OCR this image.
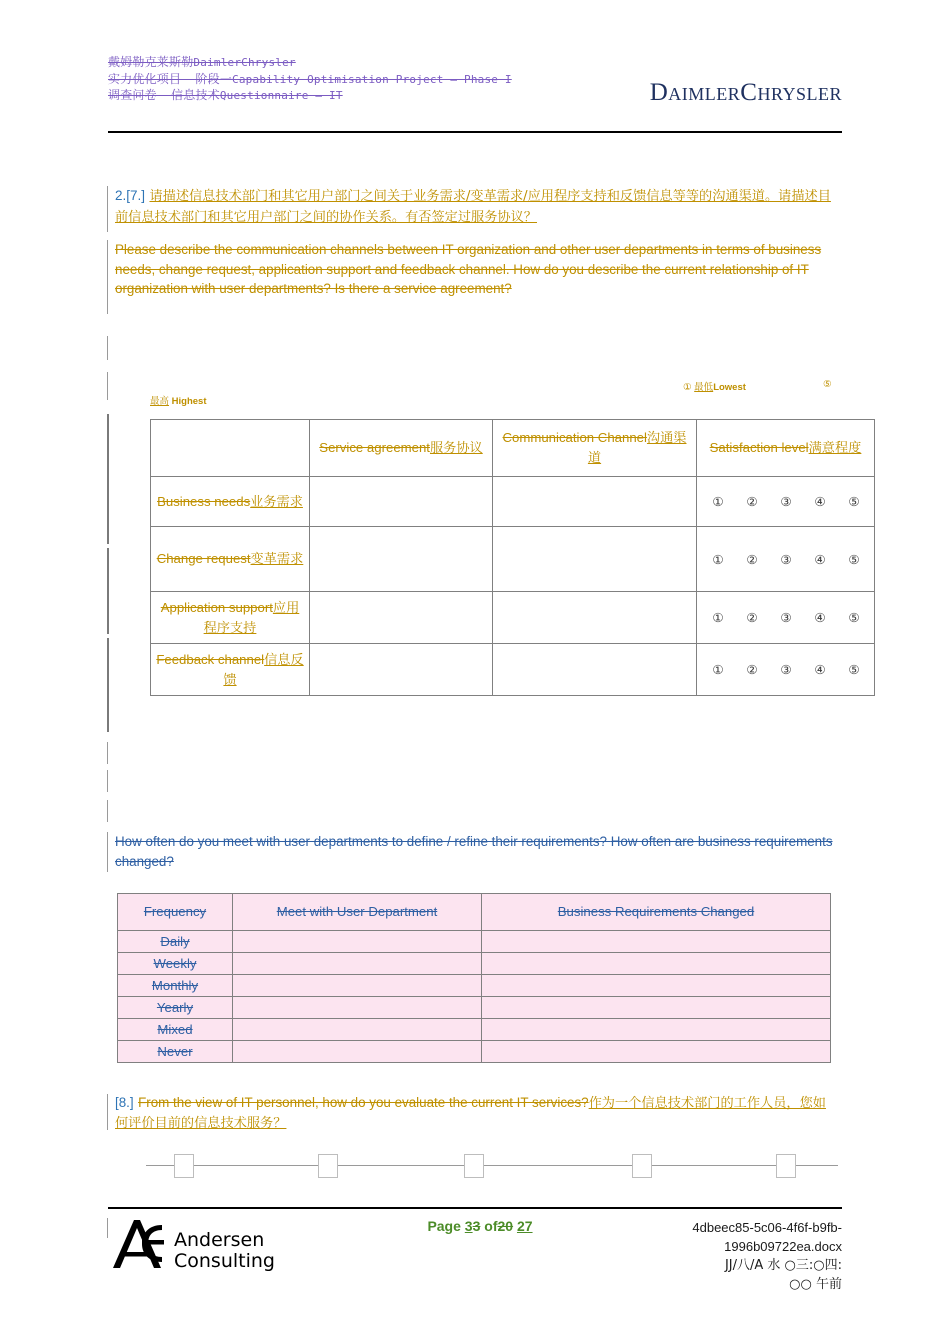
戴姆勒克莱斯勒DaimlerChrysler
实力优化项目 – 阶段一Capability Optimisation Project – Phase I
调查问卷 – 信息技术Questionnaire – IT	DaimlerChrysler
2.[7.] 请描述信息技术部门和其它用户部门之间关于业务需求/变革需求/应用程序支持和反馈信息等等的沟通渠道。请描述目前信息技术部门和其它用户部门之间的协作关系。有否签定过服务协议？
Please describe the communication channels between IT organization and other user departments in terms of business needs, change request, application support and feedback channel. How do you describe the current relationship of IT organization with user departments? Is there a service agreement?
最高 Highest
① 最低Lowest	⑤
	Service agreement服务协议	Communication Channel沟通渠道	Satisfaction level满意程度
Business needs业务需求			① ② ③ ④ ⑤
Change request变革需求			① ② ③ ④ ⑤
Application support应用程序支持			① ② ③ ④ ⑤
Feedback channel信息反馈			① ② ③ ④ ⑤
How often do you meet with user departments to define / refine their requirements? How often are business requirements changed?
Frequency	Meet with User Department	Business Requirements Changed
Daily		
Weekly		
Monthly		
Yearly		
Mixed		
Never		
[8.] From the view of IT personnel, how do you evaluate the current IT services?作为一个信息技术部门的工作人员，您如何评价目前的信息技术服务？
Andersen
Consulting
Page 33 of20 27	4dbeec85-5c06-4f6f-b9fb-
1996b09722ea.docx
JJ/八/A 水 ○三:○四:
○○ 午前
